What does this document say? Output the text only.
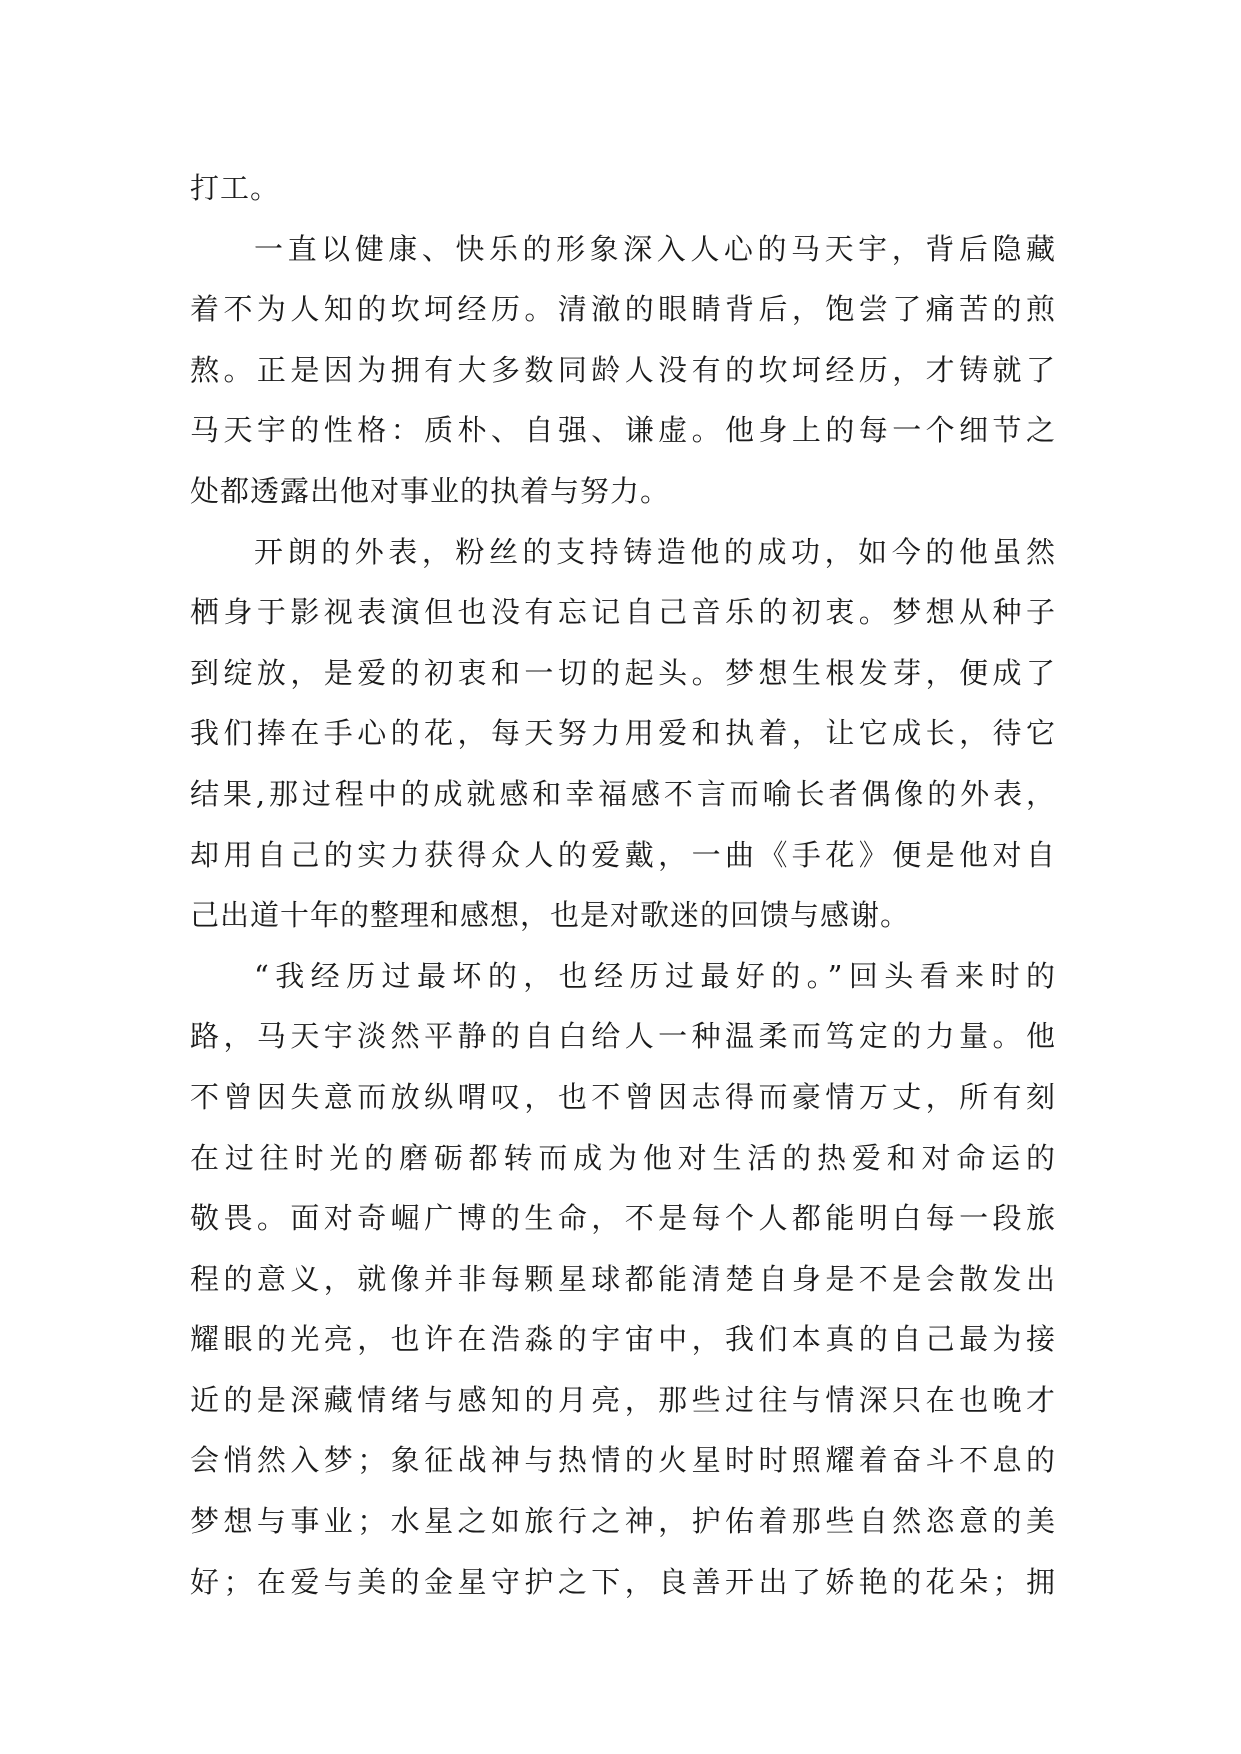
打工。
一直以健康、快乐的形象深入人心的马天宇，背后隐藏
着不为人知的坎坷经历。清澈的眼睛背后，饱尝了痛苦的煎
熬。正是因为拥有大多数同龄人没有的坎坷经历，才铸就了
马天宇的性格：质朴、自强、谦虚。他身上的每一个细节之
处都透露出他对事业的执着与努力。
开朗的外表，粉丝的支持铸造他的成功，如今的他虽然
栖身于影视表演但也没有忘记自己音乐的初衷。梦想从种子
到绽放，是爱的初衷和一切的起头。梦想生根发芽，便成了
我们捧在手心的花，每天努力用爱和执着，让它成长，待它
结果,那过程中的成就感和幸福感不言而喻长者偶像的外表，
却用自己的实力获得众人的爱戴，一曲《手花》便是他对自
己出道十年的整理和感想，也是对歌迷的回馈与感谢。
“我经历过最坏的，也经历过最好的。”回头看来时的
路，马天宇淡然平静的自白给人一种温柔而笃定的力量。他
不曾因失意而放纵喟叹，也不曾因志得而豪情万丈，所有刻
在过往时光的磨砺都转而成为他对生活的热爱和对命运的
敬畏。面对奇崛广博的生命，不是每个人都能明白每一段旅
程的意义，就像并非每颗星球都能清楚自身是不是会散发出
耀眼的光亮，也许在浩淼的宇宙中，我们本真的自己最为接
近的是深藏情绪与感知的月亮，那些过往与情深只在也晚才
会悄然入梦；象征战神与热情的火星时时照耀着奋斗不息的
梦想与事业；水星之如旅行之神，护佑着那些自然恣意的美
好；在爱与美的金星守护之下，良善开出了娇艳的花朵；拥
